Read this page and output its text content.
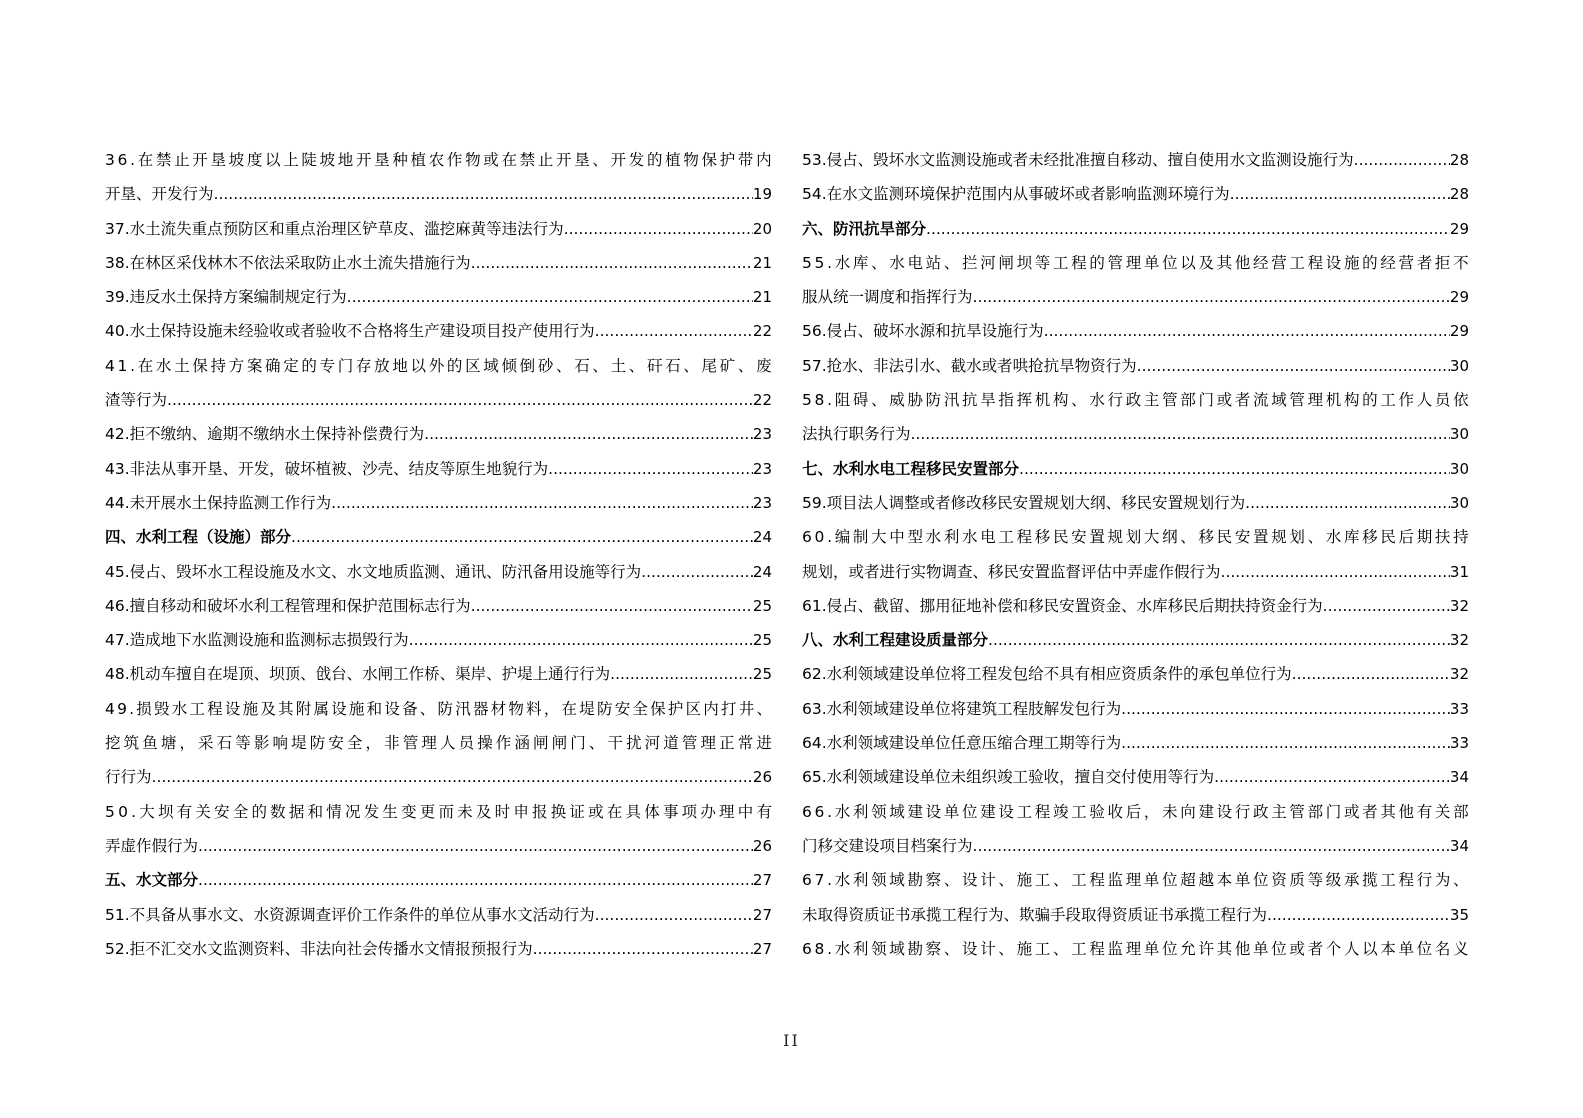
3 6 . 在 禁 止 开 垦 坡 度 以 上 陡 坡 地 开 垦 种 植 农 作 物 或 在 禁 止 开 垦 、 开 发 的 植 物 保 护 带 内
开垦、开发行为 .....	19
37.水土流失重点预防区和重点治理区铲草皮、滥挖麻黄等违法行为 .....	20
38.在林区采伐林木不依法采取防止水土流失措施行为 .....	21
39.违反水土保持方案编制规定行为 .....	21
40.水土保持设施未经验收或者验收不合格将生产建设项目投产使用行为 .....	22
4 1 . 在 水 土 保 持 方 案 确 定 的 专 门 存 放 地 以 外 的 区 域 倾 倒 砂 、 石 、 土 、 矸 石 、 尾 矿 、 废
渣等行为 .....	22
42.拒不缴纳、逾期不缴纳水土保持补偿费行为 .....	23
43.非法从事开垦、开发，破坏植被、沙壳、结皮等原生地貌行为 .....	23
44.未开展水土保持监测工作行为 .....	23
四、水利工程（设施）部分 .....	24
45.侵占、毁坏水工程设施及水文、水文地质监测、通讯、防汛备用设施等行为 .....	24
46.擅自移动和破坏水利工程管理和保护范围标志行为 .....	25
47.造成地下水监测设施和监测标志损毁行为 .....	25
48.机动车擅自在堤顶、坝顶、戗台、水闸工作桥、渠岸、护堤上通行行为 .....	25
4 9 . 损 毁 水 工 程 设 施 及 其 附 属 设 施 和 设 备 、 防 汛 器 材 物 料 ， 在 堤 防 安 全 保 护 区 内 打 井 、
挖 筑 鱼 塘 ， 采 石 等 影 响 堤 防 安 全 ， 非 管 理 人 员 操 作 涵 闸 闸 门 、 干 扰 河 道 管 理 正 常 进
行行为 .....	26
5 0 . 大 坝 有 关 安 全 的 数 据 和 情 况 发 生 变 更 而 未 及 时 申 报 换 证 或 在 具 体 事 项 办 理 中 有
弄虚作假行为 .....	26
五、水文部分 .....	27
51.不具备从事水文、水资源调查评价工作条件的单位从事水文活动行为 .....	27
52.拒不汇交水文监测资料、非法向社会传播水文情报预报行为 .....	27
53.侵占、毁坏水文监测设施或者未经批准擅自移动、擅自使用水文监测设施行为 .....	28
54.在水文监测环境保护范围内从事破坏或者影响监测环境行为 .....	28
六、防汛抗旱部分 .....	29
5 5 . 水 库 、 水 电 站 、 拦 河 闸 坝 等 工 程 的 管 理 单 位 以 及 其 他 经 营 工 程 设 施 的 经 营 者 拒 不
服从统一调度和指挥行为 .....	29
56.侵占、破坏水源和抗旱设施行为 .....	29
57.抢水、非法引水、截水或者哄抢抗旱物资行为 .....	30
5 8 . 阻 碍 、 威 胁 防 汛 抗 旱 指 挥 机 构 、 水 行 政 主 管 部 门 或 者 流 域 管 理 机 构 的 工 作 人 员 依
法执行职务行为 .....	30
七、水利水电工程移民安置部分 .....	30
59.项目法人调整或者修改移民安置规划大纲、移民安置规划行为 .....	30
6 0 . 编 制 大 中 型 水 利 水 电 工 程 移 民 安 置 规 划 大 纲 、 移 民 安 置 规 划 、 水 库 移 民 后 期 扶 持
规划，或者进行实物调查、移民安置监督评估中弄虚作假行为 .....	31
61.侵占、截留、挪用征地补偿和移民安置资金、水库移民后期扶持资金行为 .....	32
八、水利工程建设质量部分 .....	32
62.水利领域建设单位将工程发包给不具有相应资质条件的承包单位行为 .....	32
63.水利领域建设单位将建筑工程肢解发包行为 .....	33
64.水利领域建设单位任意压缩合理工期等行为 .....	33
65.水利领域建设单位未组织竣工验收，擅自交付使用等行为 .....	34
6 6 . 水 利 领 域 建 设 单 位 建 设 工 程 竣 工 验 收 后 ， 未 向 建 设 行 政 主 管 部 门 或 者 其 他 有 关 部
门移交建设项目档案行为 .....	34
6 7 . 水 利 领 域 勘 察 、 设 计 、 施 工 、 工 程 监 理 单 位 超 越 本 单 位 资 质 等 级 承 揽 工 程 行 为 、
未取得资质证书承揽工程行为、欺骗手段取得资质证书承揽工程行为 .....	35
6 8 . 水 利 领 域 勘 察 、 设 计 、 施 工 、 工 程 监 理 单 位 允 许 其 他 单 位 或 者 个 人 以 本 单 位 名 义
II
